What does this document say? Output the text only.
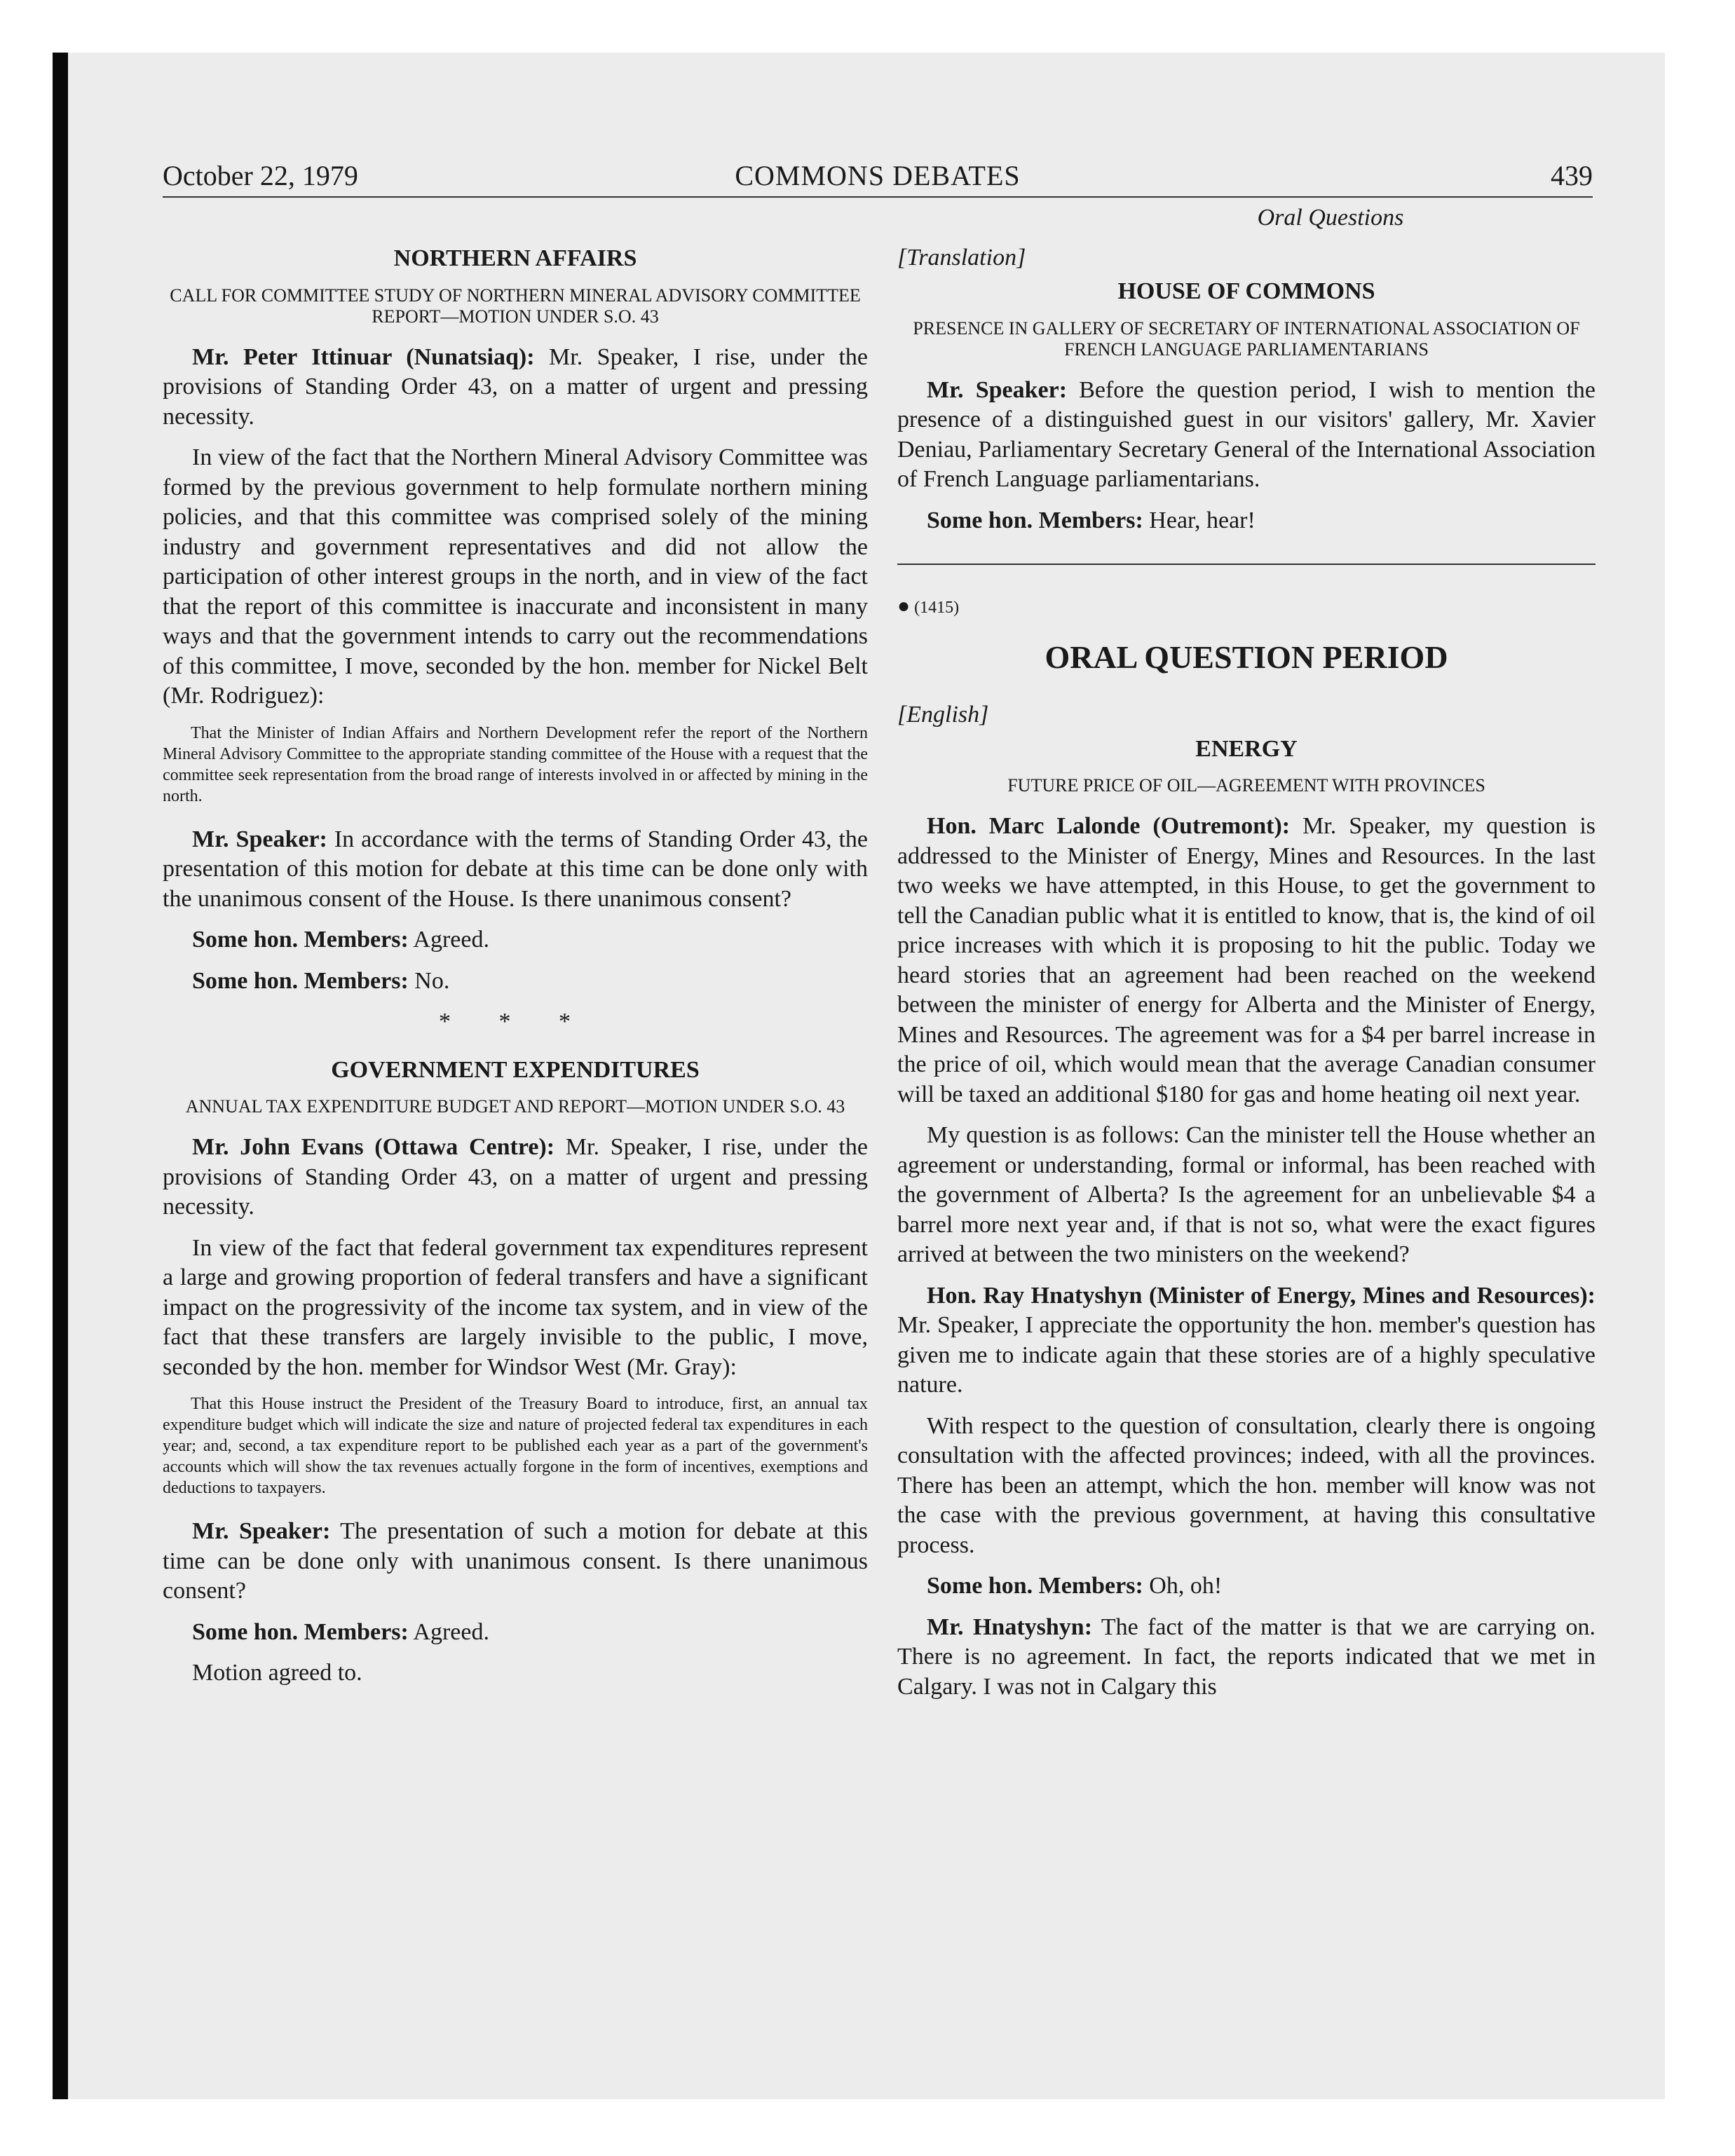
October 22, 1979	COMMONS DEBATES	439
NORTHERN AFFAIRS
CALL FOR COMMITTEE STUDY OF NORTHERN MINERAL ADVISORY COMMITTEE REPORT—MOTION UNDER S.O. 43

Mr. Peter Ittinuar (Nunatsiaq): Mr. Speaker, I rise, under the provisions of Standing Order 43, on a matter of urgent and pressing necessity.

In view of the fact that the Northern Mineral Advisory Committee was formed by the previous government to help formulate northern mining policies, and that this committee was comprised solely of the mining industry and government representatives and did not allow the participation of other interest groups in the north, and in view of the fact that the report of this committee is inaccurate and inconsistent in many ways and that the government intends to carry out the recommendations of this committee, I move, seconded by the hon. member for Nickel Belt (Mr. Rodriguez):

That the Minister of Indian Affairs and Northern Development refer the report of the Northern Mineral Advisory Committee to the appropriate standing committee of the House with a request that the committee seek representation from the broad range of interests involved in or affected by mining in the north.

Mr. Speaker: In accordance with the terms of Standing Order 43, the presentation of this motion for debate at this time can be done only with the unanimous consent of the House. Is there unanimous consent?

Some hon. Members: Agreed.

Some hon. Members: No.

* * *
GOVERNMENT EXPENDITURES
ANNUAL TAX EXPENDITURE BUDGET AND REPORT—MOTION UNDER S.O. 43

Mr. John Evans (Ottawa Centre): Mr. Speaker, I rise, under the provisions of Standing Order 43, on a matter of urgent and pressing necessity.

In view of the fact that federal government tax expenditures represent a large and growing proportion of federal transfers and have a significant impact on the progressivity of the income tax system, and in view of the fact that these transfers are largely invisible to the public, I move, seconded by the hon. member for Windsor West (Mr. Gray):

That this House instruct the President of the Treasury Board to introduce, first, an annual tax expenditure budget which will indicate the size and nature of projected federal tax expenditures in each year; and, second, a tax expenditure report to be published each year as a part of the government's accounts which will show the tax revenues actually forgone in the form of incentives, exemptions and deductions to taxpayers.

Mr. Speaker: The presentation of such a motion for debate at this time can be done only with unanimous consent. Is there unanimous consent?

Some hon. Members: Agreed.

Motion agreed to.

Oral Questions
[Translation]
HOUSE OF COMMONS
PRESENCE IN GALLERY OF SECRETARY OF INTERNATIONAL ASSOCIATION OF FRENCH LANGUAGE PARLIAMENTARIANS

Mr. Speaker: Before the question period, I wish to mention the presence of a distinguished guest in our visitors' gallery, Mr. Xavier Deniau, Parliamentary Secretary General of the International Association of French Language parliamentarians.

Some hon. Members: Hear, hear!

● (1415)
ORAL QUESTION PERIOD
[English]
ENERGY
FUTURE PRICE OF OIL—AGREEMENT WITH PROVINCES

Hon. Marc Lalonde (Outremont): Mr. Speaker, my question is addressed to the Minister of Energy, Mines and Resources. In the last two weeks we have attempted, in this House, to get the government to tell the Canadian public what it is entitled to know, that is, the kind of oil price increases with which it is proposing to hit the public. Today we heard stories that an agreement had been reached on the weekend between the minister of energy for Alberta and the Minister of Energy, Mines and Resources. The agreement was for a $4 per barrel increase in the price of oil, which would mean that the average Canadian consumer will be taxed an additional $180 for gas and home heating oil next year.

My question is as follows: Can the minister tell the House whether an agreement or understanding, formal or informal, has been reached with the government of Alberta? Is the agreement for an unbelievable $4 a barrel more next year and, if that is not so, what were the exact figures arrived at between the two ministers on the weekend?

Hon. Ray Hnatyshyn (Minister of Energy, Mines and Resources): Mr. Speaker, I appreciate the opportunity the hon. member's question has given me to indicate again that these stories are of a highly speculative nature.

With respect to the question of consultation, clearly there is ongoing consultation with the affected provinces; indeed, with all the provinces. There has been an attempt, which the hon. member will know was not the case with the previous government, at having this consultative process.

Some hon. Members: Oh, oh!

Mr. Hnatyshyn: The fact of the matter is that we are carrying on. There is no agreement. In fact, the reports indicated that we met in Calgary. I was not in Calgary this
